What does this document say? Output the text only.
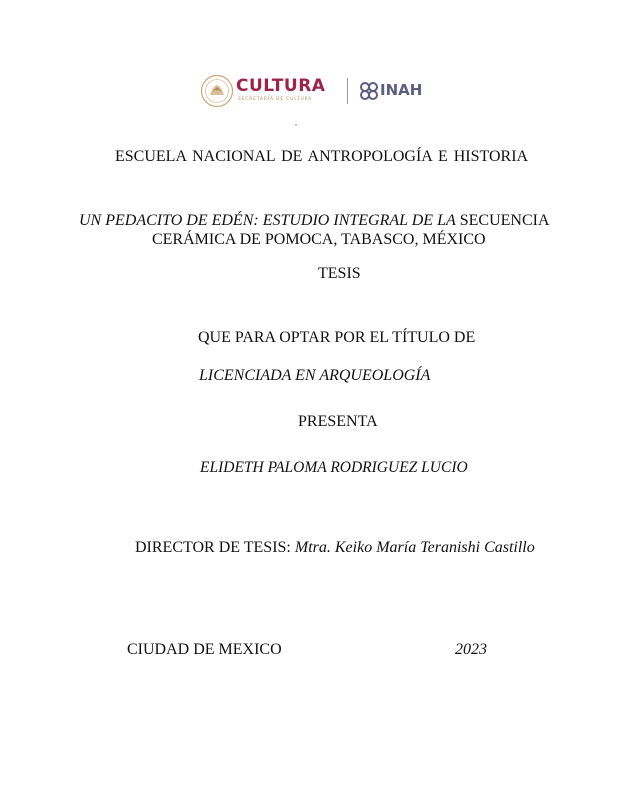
CULTURA
SECRETARÍA DE CULTURA
INAH
ESCUELA NACIONAL DE ANTROPOLOGÍA E HISTORIA
UN PEDACITO DE EDÉN: ESTUDIO INTEGRAL DE LA SECUENCIA
CERÁMICA DE POMOCA, TABASCO, MÉXICO
TESIS
QUE PARA OPTAR POR EL TÍTULO DE
LICENCIADA EN ARQUEOLOGÍA
PRESENTA
ELIDETH PALOMA RODRIGUEZ LUCIO
DIRECTOR DE TESIS: Mtra. Keiko María Teranishi Castillo
CIUDAD DE MEXICO	2023
